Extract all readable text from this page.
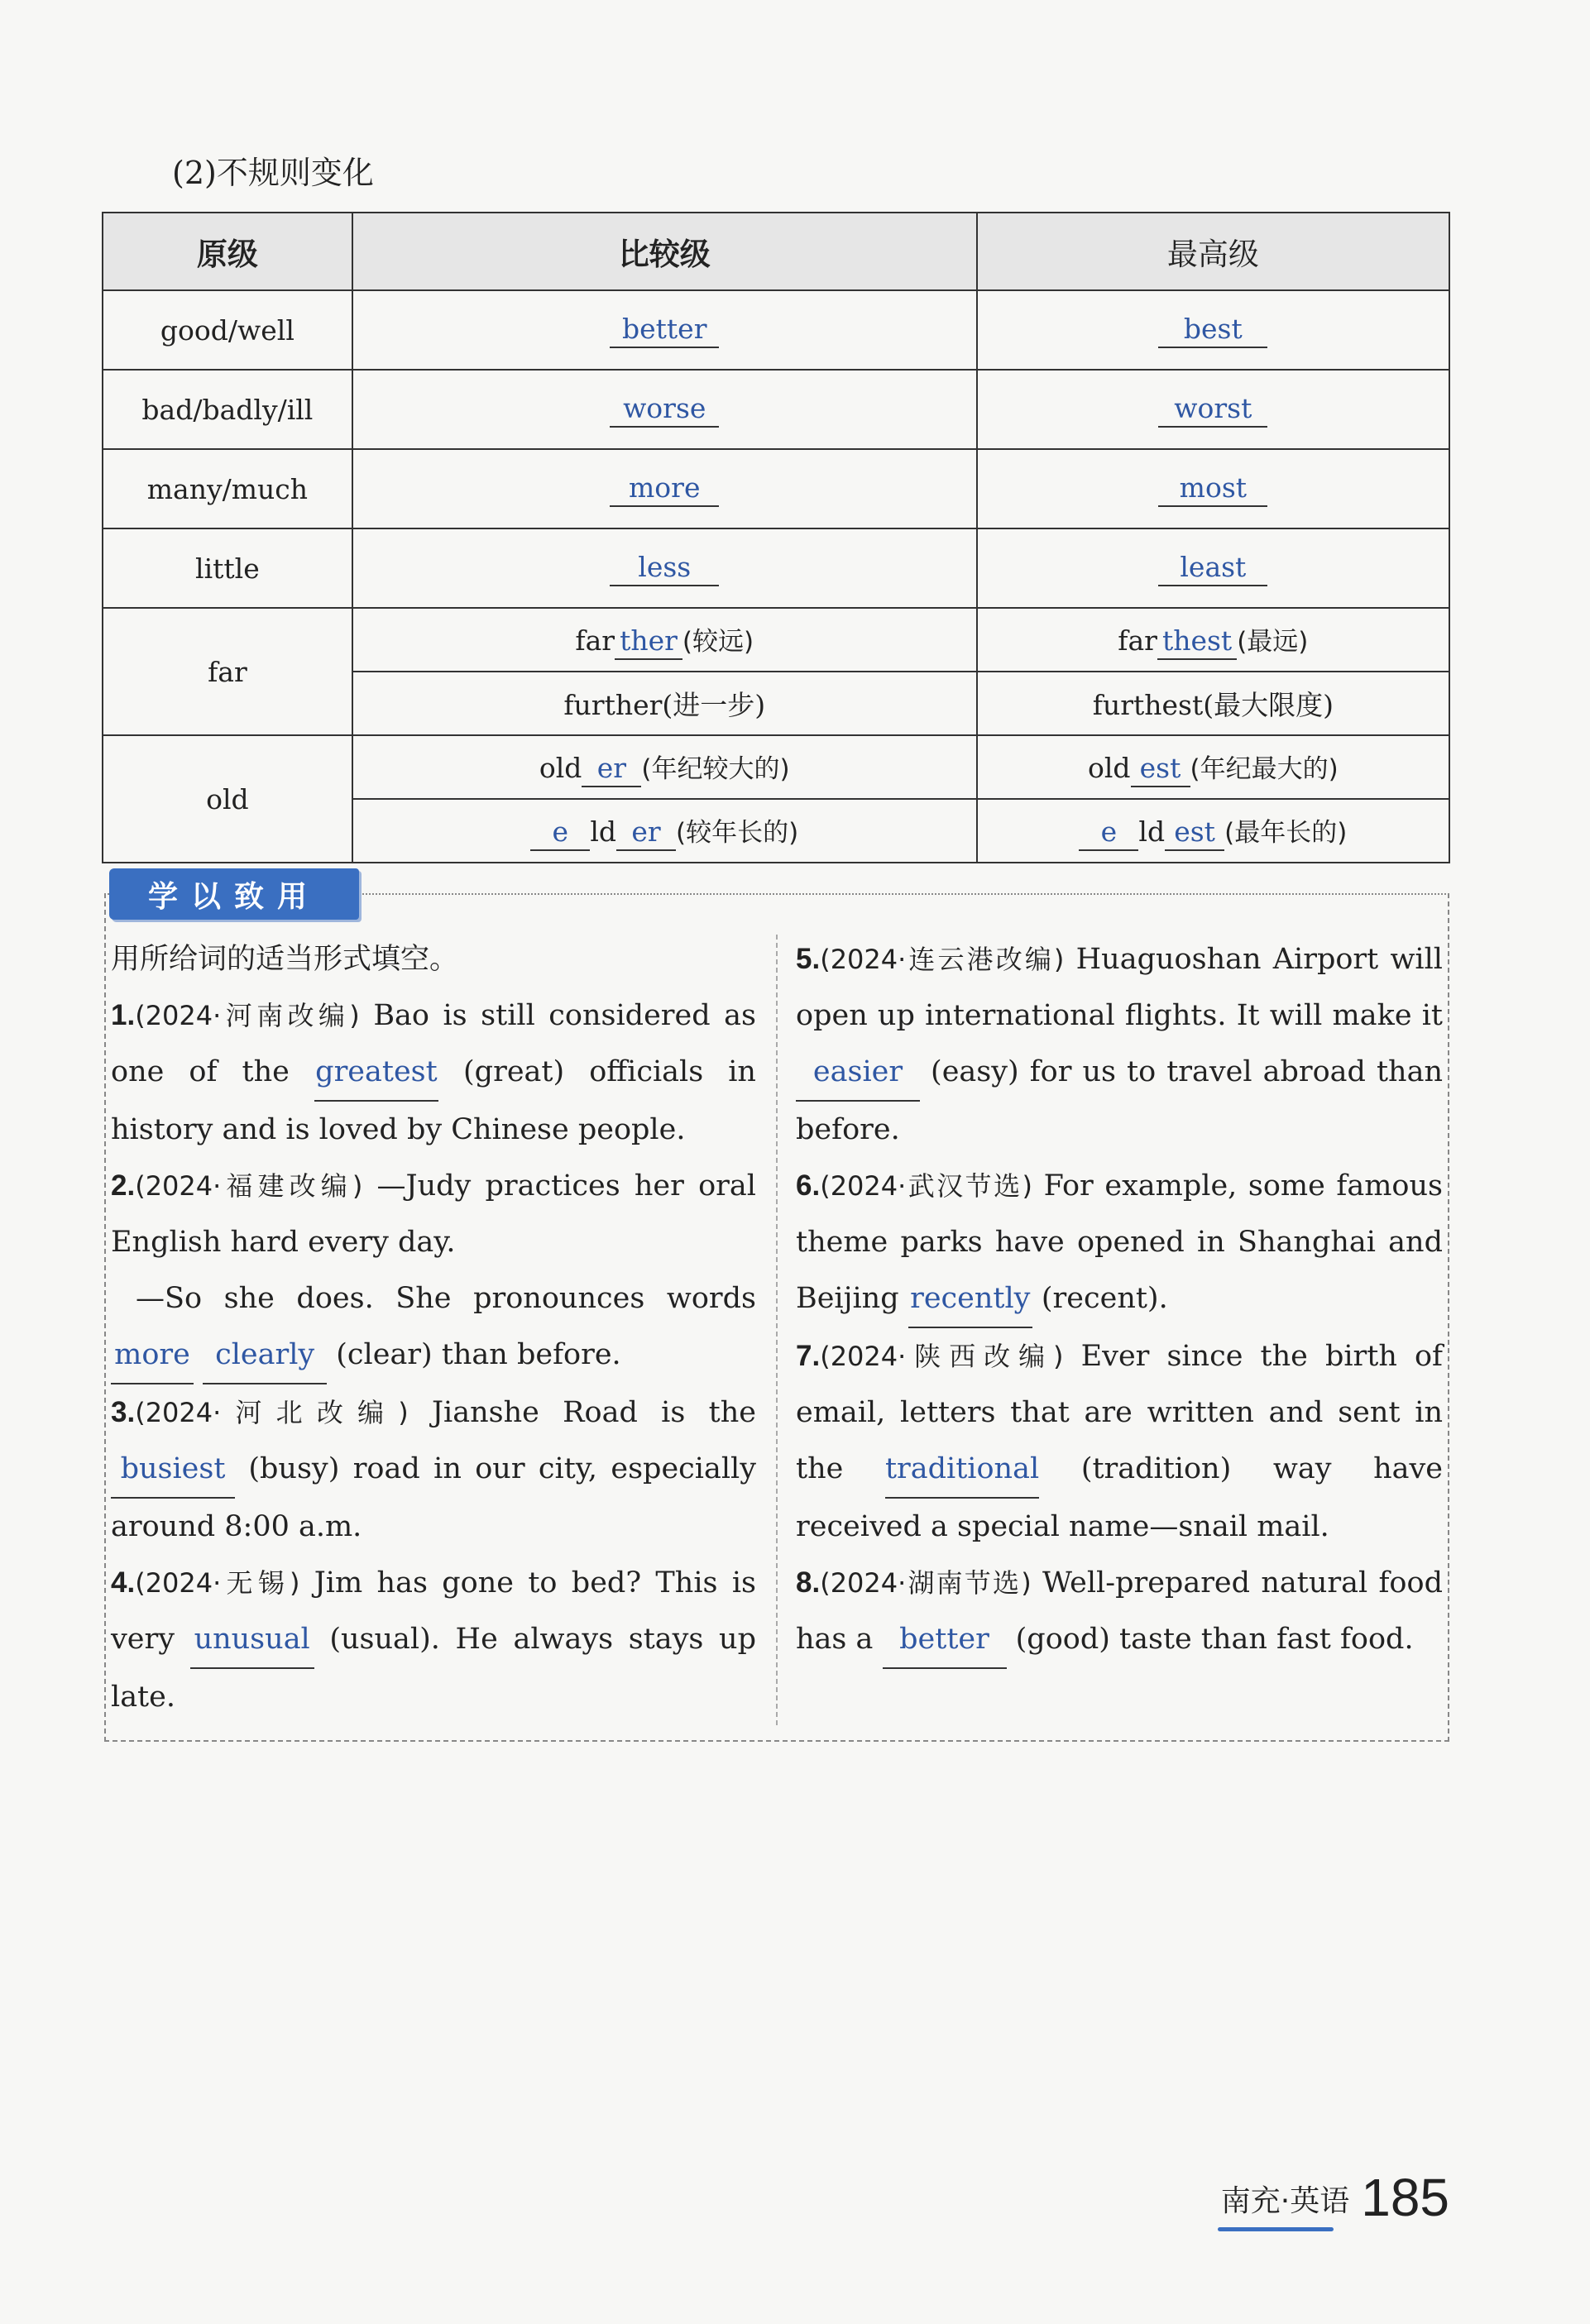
(2)不规则变化
原级	比较级	最高级
good/well	better	best
bad/badly/ill	worse	worst
many/much	more	most
little	less	least
far	far ther (较远)	far thest (最远)
	further(进一步)	furthest(最大限度)
old	old er (年纪较大的)	old est (年纪最大的)
	e ld er (较年长的)	e ld est (最年长的)
学以致用
用所给词的适当形式填空。

1.(2024·河南改编) Bao is still considered as one of the greatest (great) officials in history and is loved by Chinese people.

2.(2024·福建改编) —Judy practices her oral English hard every day.
—So she does. She pronounces words more clearly (clear) than before.

3.(2024·河北改编) Jianshe Road is the busiest (busy) road in our city, especially around 8:00 a.m.

4.(2024·无锡) Jim has gone to bed? This is very unusual (usual). He always stays up late.

5.(2024·连云港改编) Huaguoshan Airport will open up international flights. It will make it easier (easy) for us to travel abroad than before.

6.(2024·武汉节选) For example, some famous theme parks have opened in Shanghai and Beijing recently (recent).

7.(2024·陕西改编) Ever since the birth of email, letters that are written and sent in the traditional (tradition) way have received a special name—snail mail.

8.(2024·湖南节选) Well-prepared natural food has a better (good) taste than fast food.

南充·英语 185
